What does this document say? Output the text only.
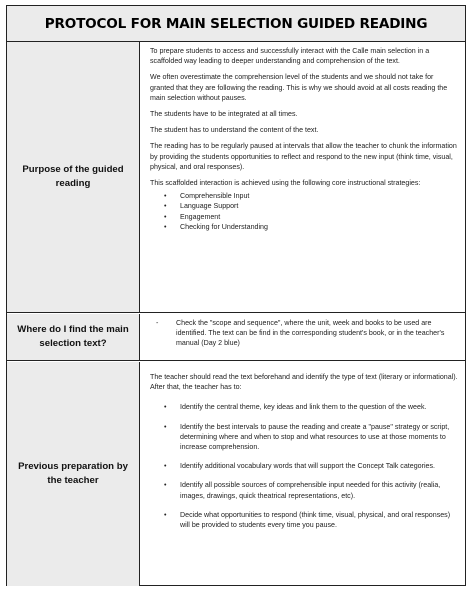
PROTOCOL FOR MAIN SELECTION GUIDED READING
Purpose of the guided reading

To prepare students to access and successfully interact with the Calle main selection in a scaffolded way leading to deeper understanding and comprehension of the text.

We often overestimate the comprehension level of the students and we should not take for granted that they are following the reading. This is why we should avoid at all costs reading the main selection without pauses.

The students have to be integrated at all times.

The student has to understand the content of the text.

The reading has to be regularly paused at intervals that allow the teacher to chunk the information by providing the students opportunities to reflect and respond to the new input (think time, visual, physical, and oral responses).

This scaffolded interaction is achieved using the following core instructional strategies:

• Comprehensible Input
• Language Support
• Engagement
• Checking for Understanding
Where do I find the main selection text?
- Check the "scope and sequence", where the unit, week and books to be used are identified. The text can be find in the corresponding student's book, or in the teacher's manual (Day 2 blue)
Previous preparation by the teacher

The teacher should read the text beforehand and identify the type of text (literary or informational). After that, the teacher has to:

• Identify the central theme, key ideas and link them to the question of the week.
• Identify the best intervals to pause the reading and create a "pause" strategy or script, determining where and when to stop and what resources to use at those moments to increase comprehension.
• Identify additional vocabulary words that will support the Concept Talk categories.
• Identify all possible sources of comprehensible input needed for this activity (realia, images, drawings, quick theatrical representations, etc).
• Decide what opportunities to respond (think time, visual, physical, and oral responses) will be provided to students every time you pause.
